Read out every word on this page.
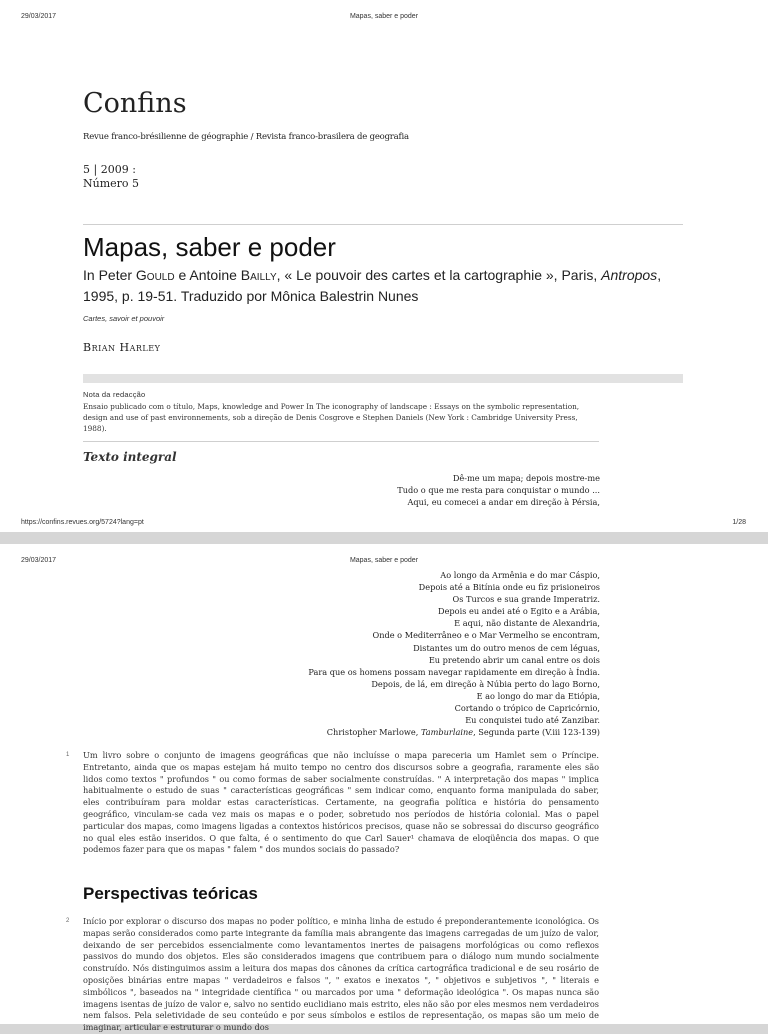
29/03/2017	Mapas, saber e poder
Confins
Revue franco-brésilienne de géographie / Revista franco-brasilera de geografia
5 | 2009 :
Número 5
Mapas, saber e poder
In Peter Gould e Antoine Bailly, « Le pouvoir des cartes et la cartographie », Paris, Antropos, 1995, p. 19-51. Traduzido por Mônica Balestrin Nunes
Cartes, savoir et pouvoir
Brian Harley
Nota da redacção
Ensaio publicado com o título, Maps, knowledge and Power In The iconography of landscape : Essays on the symbolic representation, design and use of past environnements, sob a direção de Denis Cosgrove e Stephen Daniels (New York : Cambridge University Press, 1988).
Texto integral
Dê-me um mapa; depois mostre-me
Tudo o que me resta para conquistar o mundo ...
Aqui, eu comecei a andar em direção à Pérsia,
https://confins.revues.org/5724?lang=pt	1/28
29/03/2017	Mapas, saber e poder
Ao longo da Armênia e do mar Cáspio,
Depois até a Bitínia onde eu fiz prisioneiros
Os Turcos e sua grande Imperatriz.
Depois eu andei até o Egito e a Arábia,
E aqui, não distante de Alexandria,
Onde o Mediterrâneo e o Mar Vermelho se encontram,
Distantes um do outro menos de cem léguas,
Eu pretendo abrir um canal entre os dois
Para que os homens possam navegar rapidamente em direção à Índia.
Depois, de lá, em direção à Núbia perto do lago Borno,
E ao longo do mar da Etiópia,
Cortando o trópico de Capricórnio,
Eu conquistei tudo até Zanzibar.
Christopher Marlowe, Tamburlaine, Segunda parte (V.iii 123-139)
1 Um livro sobre o conjunto de imagens geográficas que não incluísse o mapa pareceria um Hamlet sem o Príncipe. Entretanto, ainda que os mapas estejam há muito tempo no centro dos discursos sobre a geografia, raramente eles são lidos como textos " profundos " ou como formas de saber socialmente construídas. " A interpretação dos mapas " implica habitualmente o estudo de suas " características geográficas " sem indicar como, enquanto forma manipulada do saber, eles contribuíram para moldar estas características. Certamente, na geografia política e história do pensamento geográfico, vinculam-se cada vez mais os mapas e o poder, sobretudo nos períodos de história colonial. Mas o papel particular dos mapas, como imagens ligadas a contextos históricos precisos, quase não se sobressai do discurso geográfico no qual eles estão inseridos. O que falta, é o sentimento do que Carl Sauer¹ chamava de eloqüência dos mapas. O que podemos fazer para que os mapas " falem " dos mundos sociais do passado?
Perspectivas teóricas
2 Início por explorar o discurso dos mapas no poder político, e minha linha de estudo é preponderantemente iconológica. Os mapas serão considerados como parte integrante da família mais abrangente das imagens carregadas de um juízo de valor, deixando de ser percebidos essencialmente como levantamentos inertes de paisagens morfológicas ou como reflexos passivos do mundo dos objetos. Eles são considerados imagens que contribuem para o diálogo num mundo socialmente construído. Nós distinguimos assim a leitura dos mapas dos cânones da crítica cartográfica tradicional e de seu rosário de oposições binárias entre mapas " verdadeiros e falsos ", " exatos e inexatos ", " objetivos e subjetivos ", " literais e simbólicos ", baseados na " integridade científica " ou marcados por uma " deformação ideológica ". Os mapas nunca são imagens isentas de juízo de valor e, salvo no sentido euclidiano mais estrito, eles não são por eles mesmos nem verdadeiros nem falsos. Pela seletividade de seu conteúdo e por seus símbolos e estilos de representação, os mapas são um meio de imaginar, articular e estruturar o mundo dos
